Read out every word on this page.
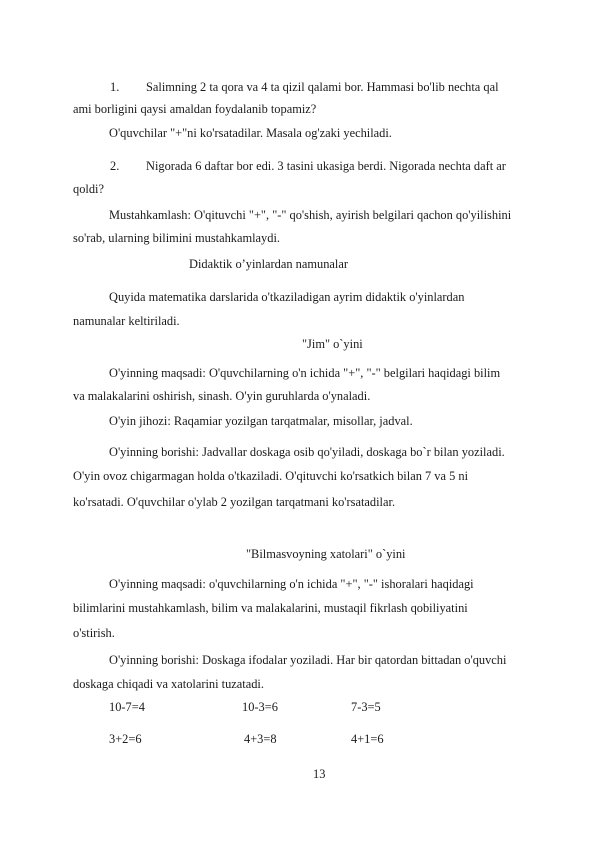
1. Salimning 2 ta qora va 4 ta qizil qalami bor. Hammasi bo'lib nechta qal
ami borligini qaysi amaldan foydalanib topamiz?
O'quvchilar "+"ni ko'rsatadilar. Masala og'zaki yechiladi.
2. Nigorada 6 daftar bor edi. 3 tasini ukasiga berdi. Nigorada nechta daft ar
qoldi?
Mustahkamlash: O'qituvchi "+", "-" qo'shish, ayirish belgilari qachon qo'yilishini
so'rab, ularning bilimini mustahkamlaydi.
Didaktik o’yinlardan namunalar
Quyida matematika darslarida o'tkaziladigan ayrim didaktik o'yinlardan
namunalar keltiriladi.
"Jim" o`yini
O'yinning maqsadi: O'quvchilarning o'n ichida "+", "-" belgilari haqidagi bilim
va malakalarini oshirish, sinash. O'yin guruhlarda o'ynaladi.
O'yin jihozi: Raqamiar yozilgan tarqatmalar, misollar, jadval.
O'yinning borishi: Jadvallar doskaga osib qo'yiladi, doskaga bo`r bilan yoziladi.
O'yin ovoz chigarmagan holda o'tkaziladi. O'qituvchi ko'rsatkich bilan 7 va 5 ni
ko'rsatadi. O'quvchilar o'ylab 2 yozilgan tarqatmani ko'rsatadilar.
"Bilmasvoyning xatolari" o`yini
O'yinning maqsadi: o'quvchilarning o'n ichida "+", "-" ishoralari haqidagi
bilimlarini mustahkamlash, bilim va malakalarini, mustaqil fikrlash qobiliyatini
o'stirish.
O'yinning borishi: Doskaga ifodalar yoziladi. Har bir qatordan bittadan o'quvchi
doskaga chiqadi va xatolarini tuzatadi.
10-7=4	10-3=6	7-3=5
3+2=6	4+3=8	4+1=6
13
